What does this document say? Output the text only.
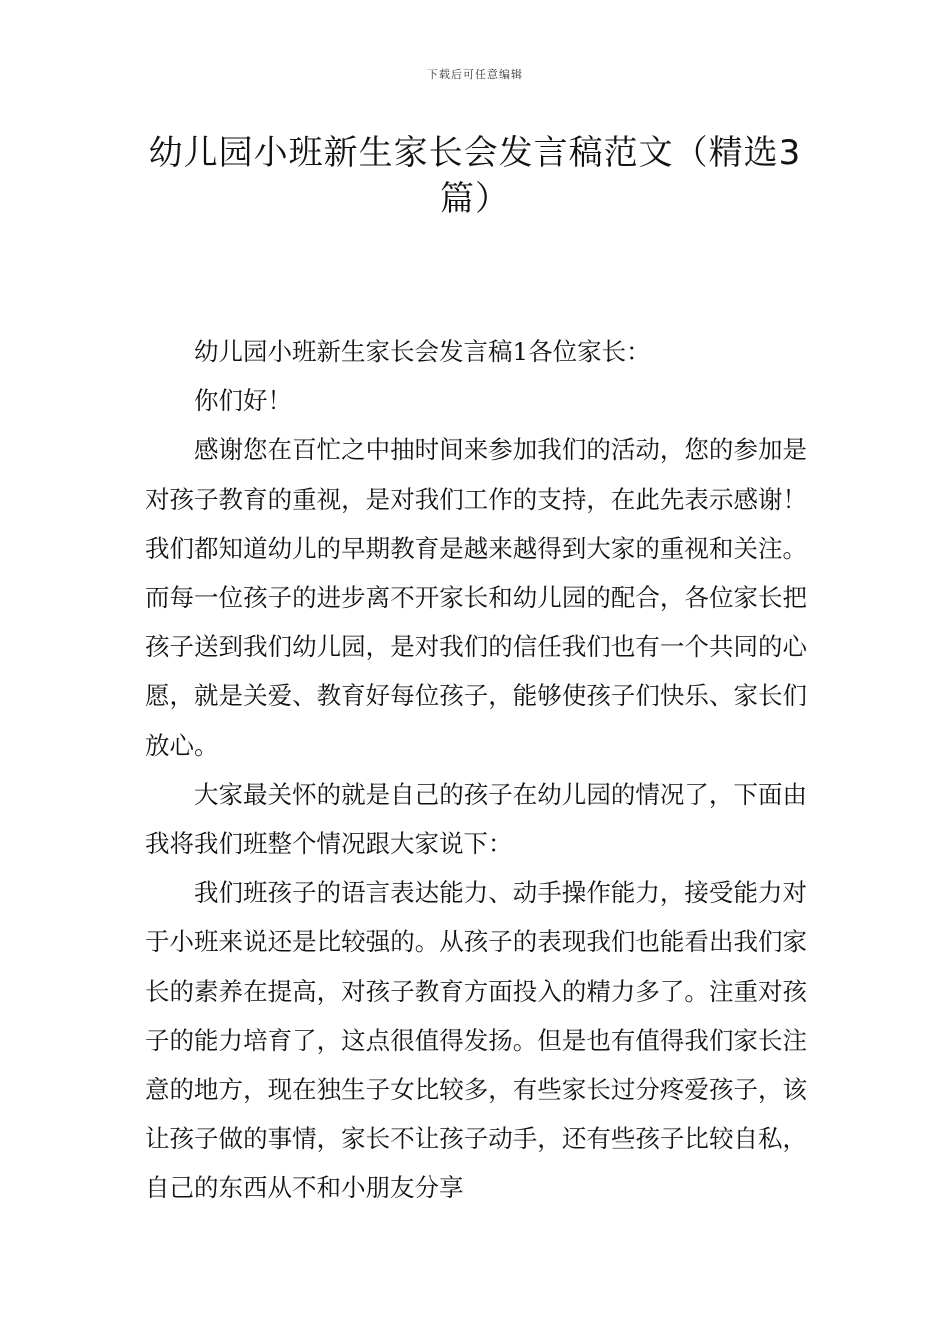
下载后可任意编辑
幼儿园小班新生家长会发言稿范文（精选3篇）

幼儿园小班新生家长会发言稿1各位家长：

你们好！

感谢您在百忙之中抽时间来参加我们的活动，您的参加是对孩子教育的重视，是对我们工作的支持，在此先表示感谢！我们都知道幼儿的早期教育是越来越得到大家的重视和关注。而每一位孩子的进步离不开家长和幼儿园的配合，各位家长把孩子送到我们幼儿园，是对我们的信任我们也有一个共同的心愿，就是关爱、教育好每位孩子，能够使孩子们快乐、家长们放心。

大家最关怀的就是自己的孩子在幼儿园的情况了，下面由我将我们班整个情况跟大家说下：

我们班孩子的语言表达能力、动手操作能力，接受能力对于小班来说还是比较强的。从孩子的表现我们也能看出我们家长的素养在提高，对孩子教育方面投入的精力多了。注重对孩子的能力培育了，这点很值得发扬。但是也有值得我们家长注意的地方，现在独生子女比较多，有些家长过分疼爱孩子，该让孩子做的事情，家长不让孩子动手，还有些孩子比较自私，自己的东西从不和小朋友分享
